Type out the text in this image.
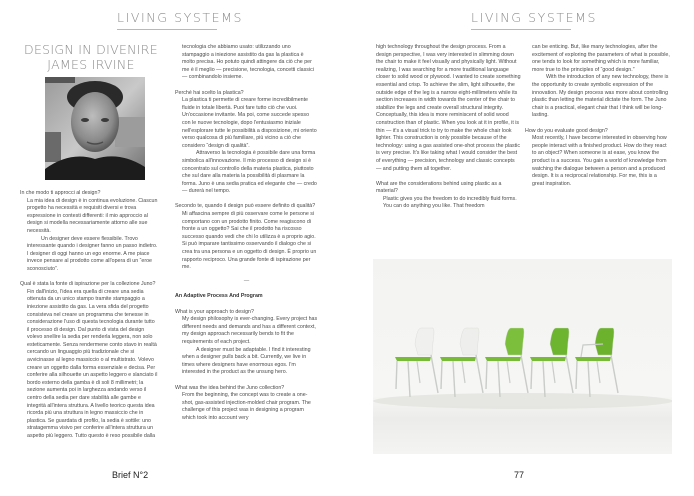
LIVING SYSTEMS
DESIGN IN DIVENIRE
JAMES IRVINE

In che modo ti approcci al design?

La mia idea di design è in continua evoluzione. Ciascun progetto ha necessità e requisiti diversi e trova espressione in contesti differenti: il mio approccio al design si modella necessariamente attorno alle sue necessità.

Un designer deve essere flessibile. Trovo interessante quando i designer fanno un passo indietro. I designer di oggi hanno un ego enorme. A me piace invece pensare al prodotto come all'opera di un “eroe sconosciuto”.

Qual è stata la fonte di ispirazione per la collezione Juno?

Fin dall'inizio, l'idea era quella di creare una sedia ottenuta da un unico stampo tramite stampaggio a iniezione assistito da gas. La vera sfida del progetto consisteva nel creare un programma che tenesse in considerazione l'uso di questa tecnologia durante tutto il processo di design. Dal punto di vista del design volevo snellire la sedia per renderla leggera, non solo esteticamente. Senza rendermene conto stavo in realtà cercando un linguaggio più tradizionale che si avvicinasse al legno massiccio o al multistrato. Volevo creare un oggetto dalla forma essenziale e decisa. Per conferire alla silhouette un aspetto leggero e slanciato il bordo esterno della gamba è di soli 8 millimetri; la sezione aumenta poi in larghezza andando verso il centro della sedia per dare stabilità alle gambe e integrità all'intera struttura. A livello teorico questa idea ricorda più una struttura in legno massiccio che in plastica. Se guardata di profilo, la sedia è sottile: uno stratagemma visivo per conferire all'intera struttura un aspetto più leggero. Tutto questo è reso possibile dalla

tecnologia che abbiamo usato: utilizzando uno stampaggio a iniezione assistito da gas la plastica è molto precisa. Ho potuto quindi attingere da ciò che per me è il meglio — precisione, tecnologia, concetti classici — combinandolo insieme.

Perché hai scelto la plastica?

La plastica ti permette di creare forme incredibilmente fluide in totale libertà. Puoi fare tutto ciò che vuoi. Un'occasione invitante. Ma poi, come succede spesso con le nuove tecnologie, dopo l'entusiasmo iniziale nell'esplorare tutte le possibilità a disposizione, mi oriento verso qualcosa di più familiare, più vicino a ciò che considero “design di qualità”.

Attraverso la tecnologia è possibile dare una forma simbolica all'innovazione. Il mio processo di design si è concentrato sul controllo della materia plastica, piuttosto che sul dare alla materia la possibilità di plasmare la forma. Juno è una sedia pratica ed elegante che — credo — durerà nel tempo.

Secondo te, quando il design può essere definito di qualità?

Mi affascina sempre di più osservare come le persone si comportano con un prodotto finito. Come reagiscono di fronte a un oggetto? Sai che il prodotto ha riscosso successo quando vedi che chi lo utilizza è a proprio agio. Si può imparare tantissimo osservando il dialogo che si crea tra una persona e un oggetto di design. È proprio un rapporto reciproco. Una grande fonte di ispirazione per me.

—

An Adaptive Process And Program

What is your approach to design?

My design philosophy is ever-changing. Every project has different needs and demands and has a different context, my design approach necessarily bends to fit the requirements of each project.

A designer must be adaptable. I find it interesting when a designer pulls back a bit. Currently, we live in times where designers have enormous egos. I'm interested in the product as the unsung hero.

What was the idea behind the Juno collection?

From the beginning, the concept was to create a one-shot, gas-assisted injection-molded chair program. The challenge of this project was in designing a program which took into account very

Brief N°2
LIVING SYSTEMS

high technology throughout the design process. From a design perspective, I was very interested in slimming down the chair to make it feel visually and physically light. Without realizing, I was searching for a more traditional language closer to solid wood or plywood. I wanted to create something essential and crisp. To achieve the slim, light silhouette, the outside edge of the leg is a narrow eight-millimeters while its section increases in width towards the center of the chair to stabilize the legs and create overall structural integrity. Conceptually, this idea is more reminiscent of solid wood construction than of plastic. When you look at it in profile, it is thin — it's a visual trick to try to make the whole chair look lighter. This construction is only possible because of the technology: using a gas assisted one-shot process the plastic is very precise. It's like taking what I would consider the best of everything — precision, technology and classic concepts — and putting them all together.

What are the considerations behind using plastic as a material?

Plastic gives you the freedom to do incredibly fluid forms. You can do anything you like. That freedom

can be enticing. But, like many technologies, after the excitement of exploring the parameters of what is possible, one tends to look for something which is more familiar, more true to the principles of “good design.”

With the introduction of any new technology, there is the opportunity to create symbolic expression of the innovation. My design process was more about controlling plastic than letting the material dictate the form. The Juno chair is a practical, elegant chair that I think will be long-lasting.

How do you evaluate good design?

Most recently, I have become interested in observing how people interact with a finished product. How do they react to an object? When someone is at ease, you know the product is a success. You gain a world of knowledge from watching the dialogue between a person and a produced design. It is a reciprocal relationship. For me, this is a great inspiration.

77
